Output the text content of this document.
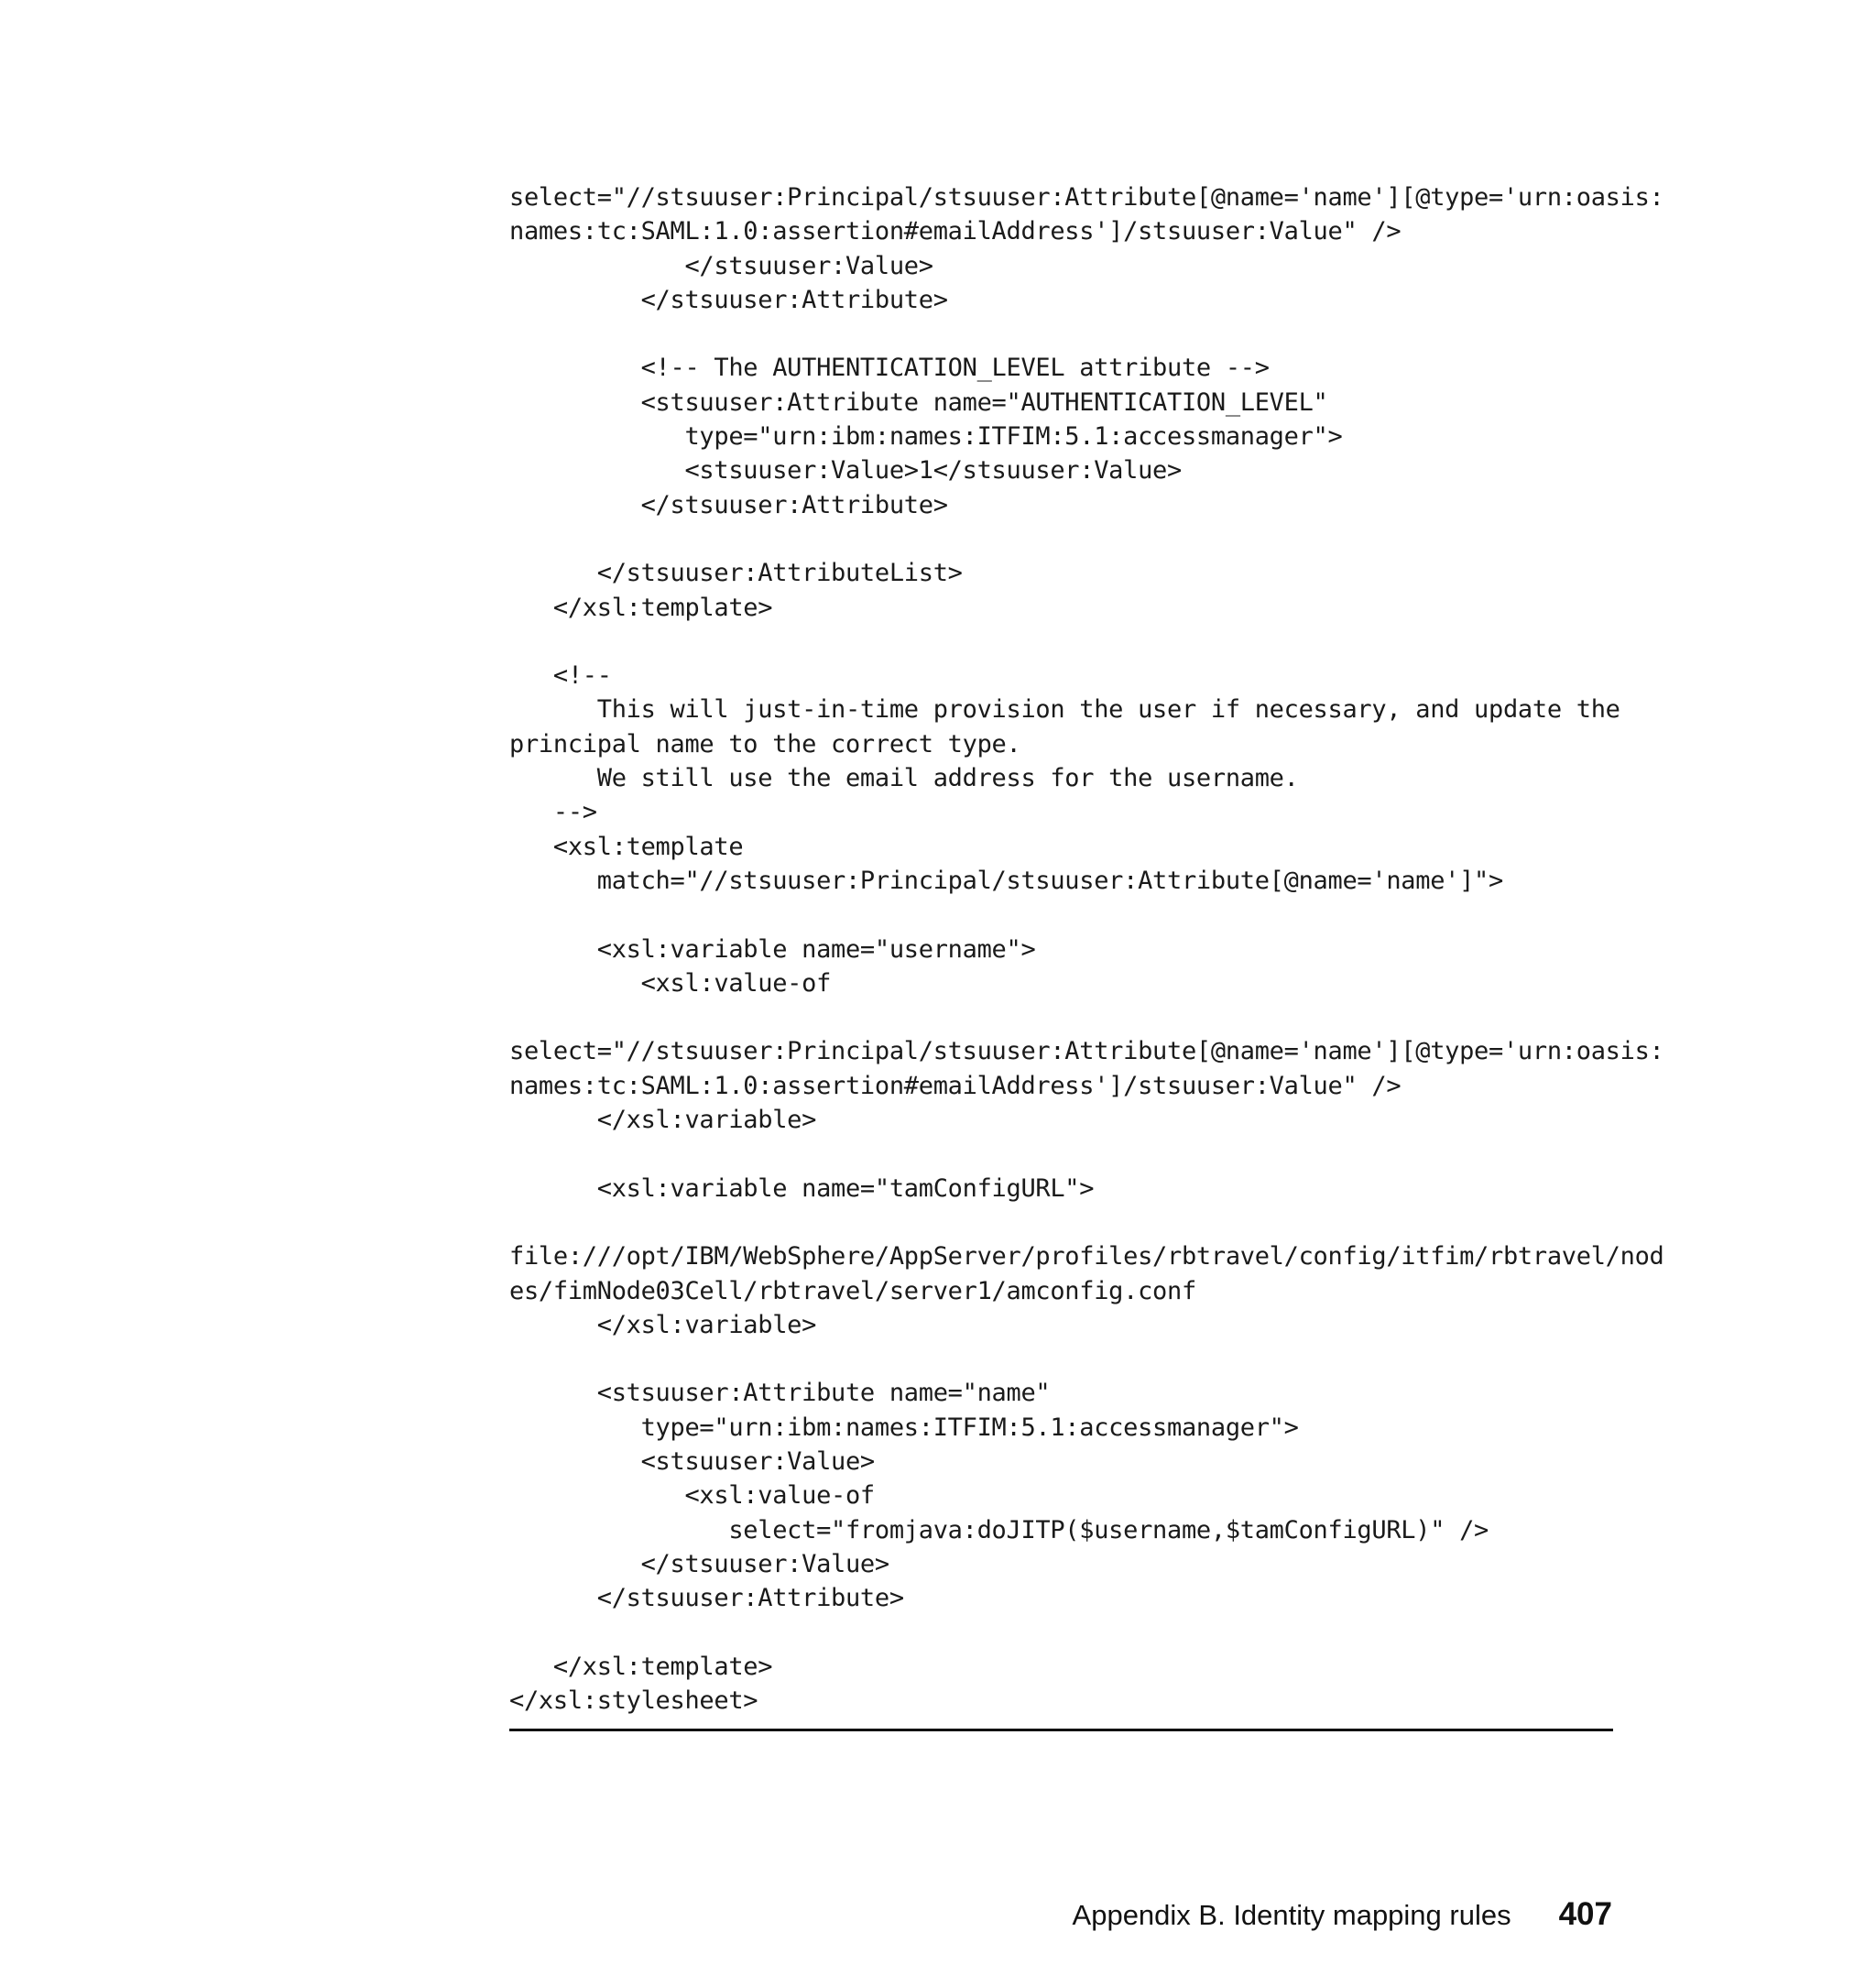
select="//stsuuser:Principal/stsuuser:Attribute[@name='name'][@type='urn:oasis:
names:tc:SAML:1.0:assertion#emailAddress']/stsuuser:Value" />
</stsuuser:Value>
</stsuuser:Attribute>
<!-- The AUTHENTICATION_LEVEL attribute -->
<stsuuser:Attribute name="AUTHENTICATION_LEVEL"
type="urn:ibm:names:ITFIM:5.1:accessmanager">
<stsuuser:Value>1</stsuuser:Value>
</stsuuser:Attribute>
</stsuuser:AttributeList>
</xsl:template>
<!--
This will just-in-time provision the user if necessary, and update the
principal name to the correct type.
We still use the email address for the username.
-->
<xsl:template
match="//stsuuser:Principal/stsuuser:Attribute[@name='name']">
<xsl:variable name="username">
<xsl:value-of
select="//stsuuser:Principal/stsuuser:Attribute[@name='name'][@type='urn:oasis:
names:tc:SAML:1.0:assertion#emailAddress']/stsuuser:Value" />
</xsl:variable>
<xsl:variable name="tamConfigURL">
file:///opt/IBM/WebSphere/AppServer/profiles/rbtravel/config/itfim/rbtravel/nod
es/fimNode03Cell/rbtravel/server1/amconfig.conf
</xsl:variable>
<stsuuser:Attribute name="name"
type="urn:ibm:names:ITFIM:5.1:accessmanager">
<stsuuser:Value>
<xsl:value-of
select="fromjava:doJITP($username,$tamConfigURL)" />
</stsuuser:Value>
</stsuuser:Attribute>
</xsl:template>
</xsl:stylesheet>
Appendix B. Identity mapping rules 407
